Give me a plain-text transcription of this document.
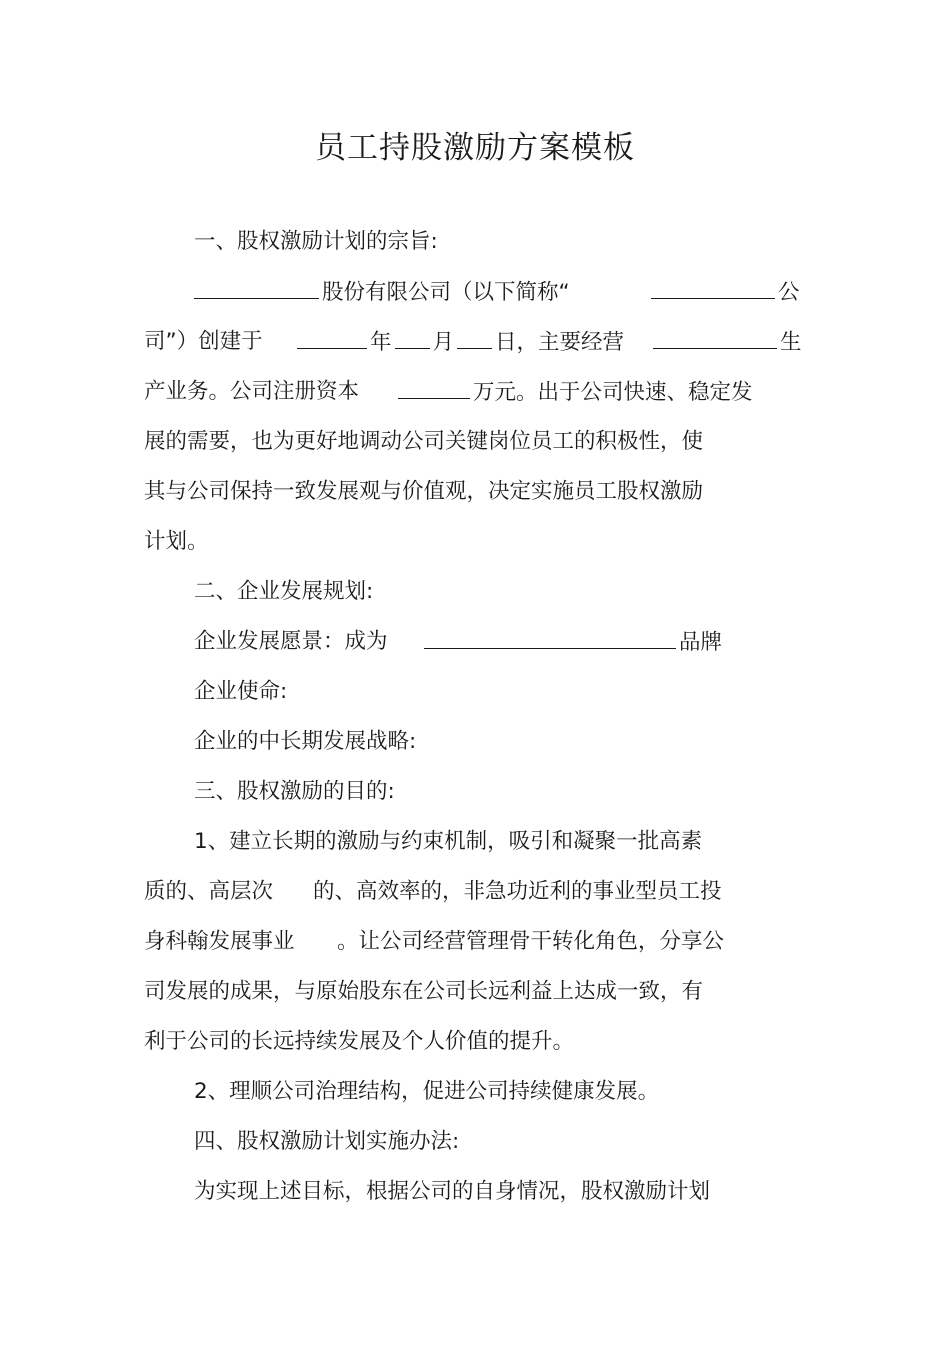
员工持股激励方案模板
一、股权激励计划的宗旨:
股份有限公司（以下简称“	公
司”）创建于	年 月 日，主要经营	生
产业务。公司注册资本	万元。出于公司快速、稳定发
展的需要，也为更好地调动公司关键岗位员工的积极性，使
其与公司保持一致发展观与价值观，决定实施员工股权激励
计划。
二、企业发展规划:
企业发展愿景：成为	品牌
企业使命:
企业的中长期发展战略:
三、股权激励的目的:
1、建立长期的激励与约束机制，吸引和凝聚一批高素
质的、高层次 的、高效率的，非急功近利的事业型员工投
身科翰发展事业 。让公司经营管理骨干转化角色，分享公
司发展的成果，与原始股东在公司长远利益上达成一致，有
利于公司的长远持续发展及个人价值的提升。
2、理顺公司治理结构，促进公司持续健康发展。
四、股权激励计划实施办法:
为实现上述目标，根据公司的自身情况，股权激励计划
